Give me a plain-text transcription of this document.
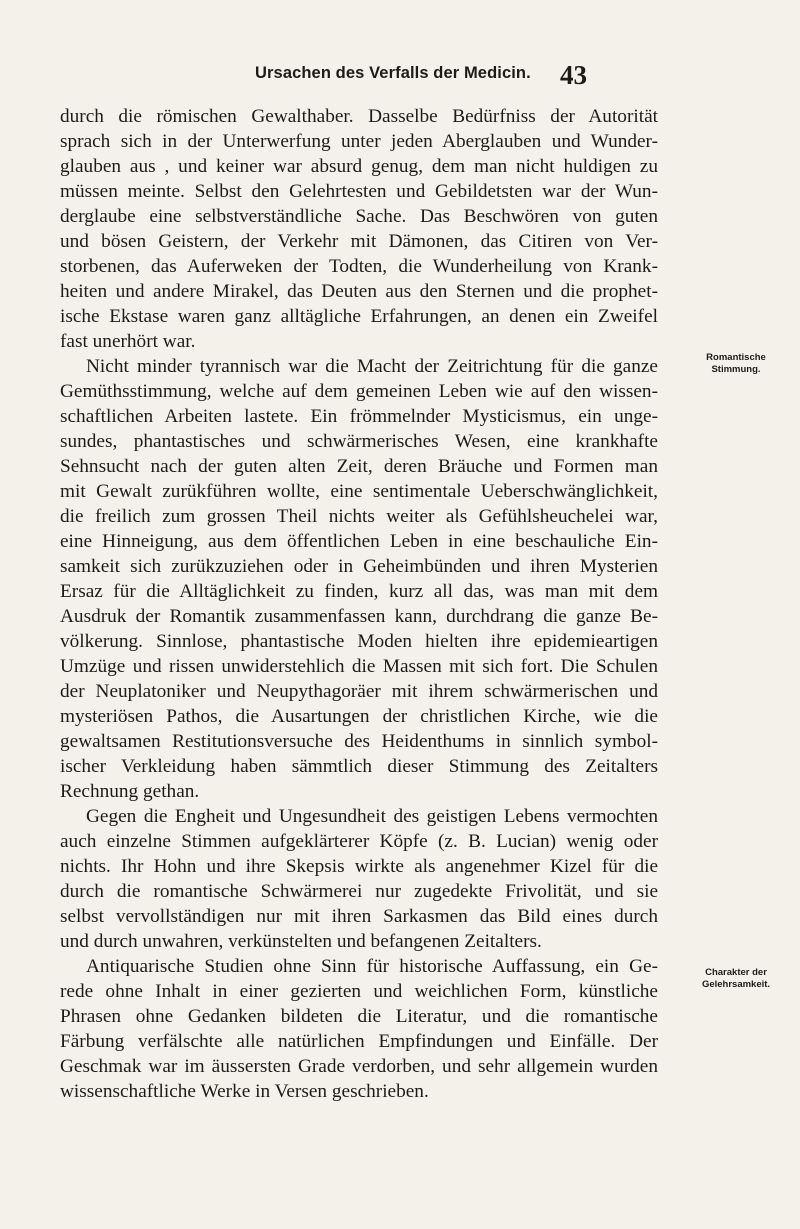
Ursachen des Verfalls der Medicin. 43
durch die römischen Gewalthaber. Dasselbe Bedürfniss der Autorität
sprach sich in der Unterwerfung unter jeden Aberglauben und Wunder-
glauben aus , und keiner war absurd genug, dem man nicht huldigen zu
müssen meinte. Selbst den Gelehrtesten und Gebildetsten war der Wun-
derglaube eine selbstverständliche Sache. Das Beschwören von guten
und bösen Geistern, der Verkehr mit Dämonen, das Citiren von Ver-
storbenen, das Auferweken der Todten, die Wunderheilung von Krank-
heiten und andere Mirakel, das Deuten aus den Sternen und die prophet-
ische Ekstase waren ganz alltägliche Erfahrungen, an denen ein Zweifel
fast unerhört war.
Nicht minder tyrannisch war die Macht der Zeitrichtung für die ganze
Gemüthsstimmung, welche auf dem gemeinen Leben wie auf den wissen-
schaftlichen Arbeiten lastete. Ein frömmelnder Mysticismus, ein unge-
sundes, phantastisches und schwärmerisches Wesen, eine krankhafte
Sehnsucht nach der guten alten Zeit, deren Bräuche und Formen man
mit Gewalt zurükführen wollte, eine sentimentale Ueberschwänglichkeit,
die freilich zum grossen Theil nichts weiter als Gefühlsheuchelei war,
eine Hinneigung, aus dem öffentlichen Leben in eine beschauliche Ein-
samkeit sich zurükzuziehen oder in Geheimbünden und ihren Mysterien
Ersaz für die Alltäglichkeit zu finden, kurz all das, was man mit dem
Ausdruk der Romantik zusammenfassen kann, durchdrang die ganze Be-
völkerung. Sinnlose, phantastische Moden hielten ihre epidemieartigen
Umzüge und rissen unwiderstehlich die Massen mit sich fort. Die Schulen
der Neuplatoniker und Neupythagoräer mit ihrem schwärmerischen und
mysteriösen Pathos, die Ausartungen der christlichen Kirche, wie die
gewaltsamen Restitutionsversuche des Heidenthums in sinnlich symbol-
ischer Verkleidung haben sämmtlich dieser Stimmung des Zeitalters
Rechnung gethan.
Gegen die Engheit und Ungesundheit des geistigen Lebens vermochten
auch einzelne Stimmen aufgeklärterer Köpfe (z. B. Lucian) wenig oder
nichts. Ihr Hohn und ihre Skepsis wirkte als angenehmer Kizel für die
durch die romantische Schwärmerei nur zugedekte Frivolität, und sie
selbst vervollständigen nur mit ihren Sarkasmen das Bild eines durch
und durch unwahren, verkünstelten und befangenen Zeitalters.
Antiquarische Studien ohne Sinn für historische Auffassung, ein Ge-
rede ohne Inhalt in einer gezierten und weichlichen Form, künstliche
Phrasen ohne Gedanken bildeten die Literatur, und die romantische
Färbung verfälschte alle natürlichen Empfindungen und Einfälle. Der
Geschmak war im äussersten Grade verdorben, und sehr allgemein wurden
wissenschaftliche Werke in Versen geschrieben.
Romantische
Stimmung.
Charakter der
Gelehrsamkeit.
